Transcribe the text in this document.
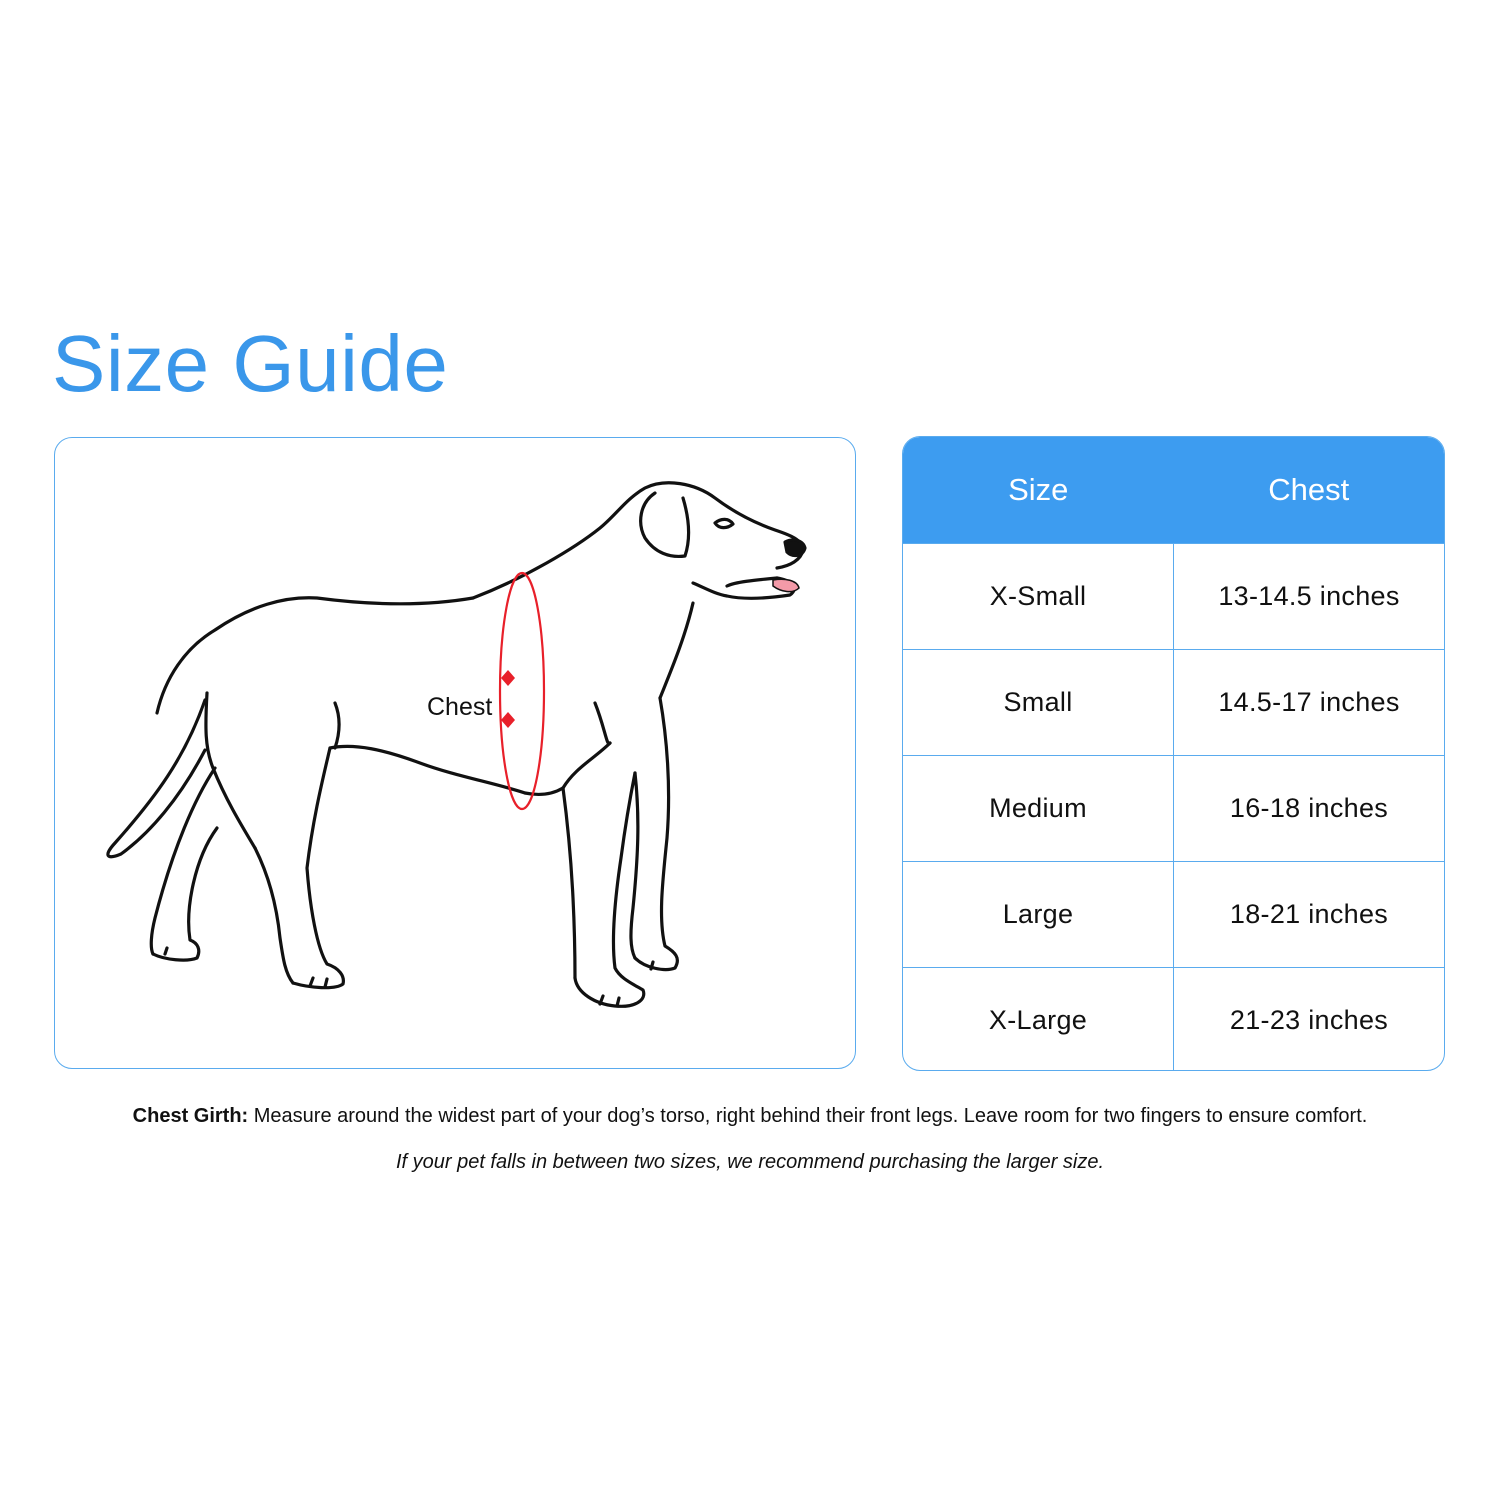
Size Guide
Chest
Size	Chest
X-Small	13-14.5 inches
Small	14.5-17 inches
Medium	16-18 inches
Large	18-21 inches
X-Large	21-23 inches

Chest Girth: Measure around the widest part of your dog’s torso, right behind their front legs. Leave room for two fingers to ensure comfort.

If your pet falls in between two sizes, we recommend purchasing the larger size.
